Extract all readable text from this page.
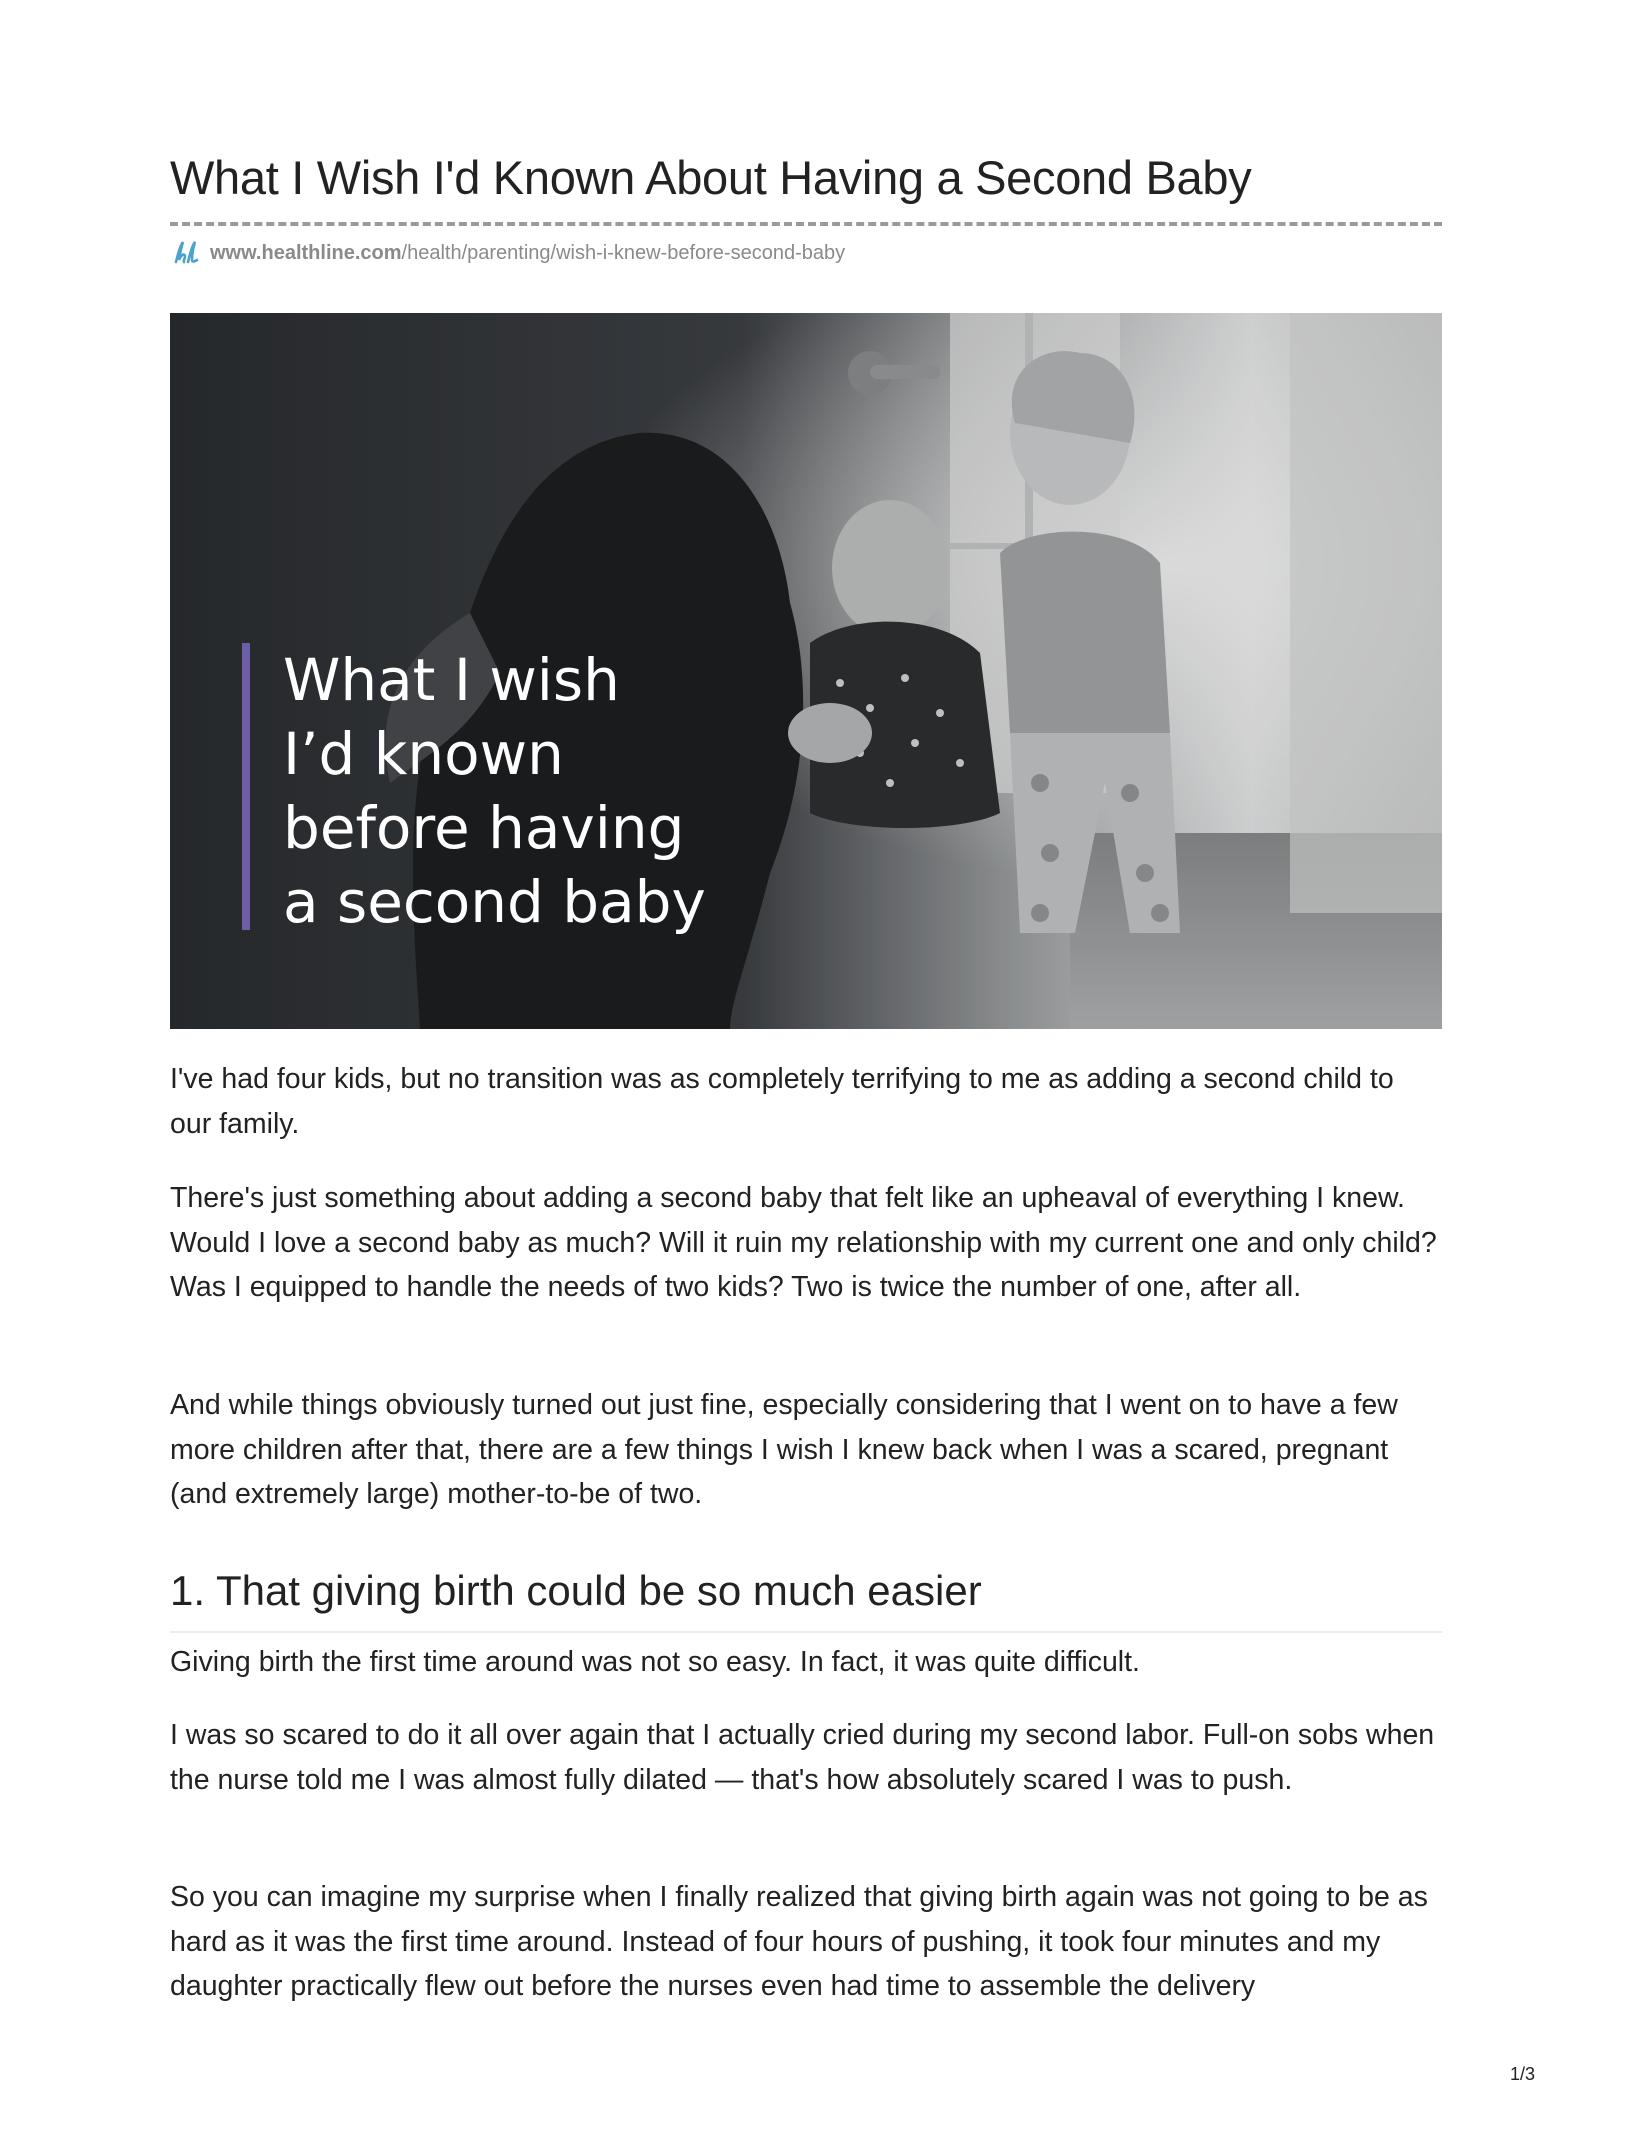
What I Wish I'd Known About Having a Second Baby
www.healthline.com/health/parenting/wish-i-knew-before-second-baby

What I wish
I’d known
before having
a second baby

I've had four kids, but no transition was as completely terrifying to me as adding a second child to our family.

There's just something about adding a second baby that felt like an upheaval of everything I knew. Would I love a second baby as much? Will it ruin my relationship with my current one and only child? Was I equipped to handle the needs of two kids? Two is twice the number of one, after all.

And while things obviously turned out just fine, especially considering that I went on to have a few more children after that, there are a few things I wish I knew back when I was a scared, pregnant (and extremely large) mother-to-be of two.

1. That giving birth could be so much easier

Giving birth the first time around was not so easy. In fact, it was quite difficult.

I was so scared to do it all over again that I actually cried during my second labor. Full-on sobs when the nurse told me I was almost fully dilated — that's how absolutely scared I was to push.

So you can imagine my surprise when I finally realized that giving birth again was not going to be as hard as it was the first time around. Instead of four hours of pushing, it took four minutes and my daughter practically flew out before the nurses even had time to assemble the delivery

1/3
